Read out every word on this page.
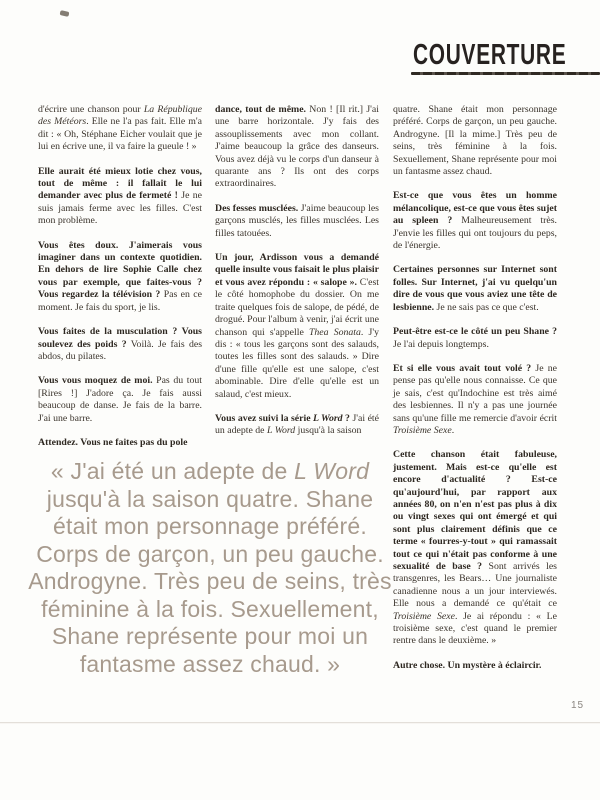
COUVERTURE
d'écrire une chanson pour La République des Météors. Elle ne l'a pas fait. Elle m'a dit : « Oh, Stéphane Eicher voulait que je lui en écrive une, il va faire la gueule ! »
Elle aurait été mieux lotie chez vous, tout de même : il fallait le lui demander avec plus de fermeté ! Je ne suis jamais ferme avec les filles. C'est mon problème.
Vous êtes doux. J'aimerais vous imaginer dans un contexte quotidien. En dehors de lire Sophie Calle chez vous par exemple, que faites-vous ? Vous regardez la télévision ? Pas en ce moment. Je fais du sport, je lis.
Vous faites de la musculation ? Vous soulevez des poids ? Voilà. Je fais des abdos, du pilates.
Vous vous moquez de moi. Pas du tout [Rires !] J'adore ça. Je fais aussi beaucoup de danse. Je fais de la barre. J'ai une barre.
Attendez. Vous ne faites pas du pole
dance, tout de même. Non ! [Il rit.] J'ai une barre horizontale. J'y fais des assouplissements avec mon collant. J'aime beaucoup la grâce des danseurs. Vous avez déjà vu le corps d'un danseur à quarante ans ? Ils ont des corps extraordinaires.
Des fesses musclées. J'aime beaucoup les garçons musclés, les filles musclées. Les filles tatouées.
Un jour, Ardisson vous a demandé quelle insulte vous faisait le plus plaisir et vous avez répondu : « salope ». C'est le côté homophobe du dossier. On me traite quelques fois de salope, de pédé, de drogué. Pour l'album à venir, j'ai écrit une chanson qui s'appelle Thea Sonata. J'y dis : « tous les garçons sont des salauds, toutes les filles sont des salauds. » Dire d'une fille qu'elle est une salope, c'est abominable. Dire d'elle qu'elle est un salaud, c'est mieux.
Vous avez suivi la série L Word ? J'ai été un adepte de L Word jusqu'à la saison
quatre. Shane était mon personnage préféré. Corps de garçon, un peu gauche. Androgyne. [Il la mime.] Très peu de seins, très féminine à la fois. Sexuellement, Shane représente pour moi un fantasme assez chaud.
Est-ce que vous êtes un homme mélancolique, est-ce que vous êtes sujet au spleen ? Malheureusement très. J'envie les filles qui ont toujours du peps, de l'énergie.
Certaines personnes sur Internet sont folles. Sur Internet, j'ai vu quelqu'un dire de vous que vous aviez une tête de lesbienne. Je ne sais pas ce que c'est.
Peut-être est-ce le côté un peu Shane ? Je l'ai depuis longtemps.
Et si elle vous avait tout volé ? Je ne pense pas qu'elle nous connaisse. Ce que je sais, c'est qu'Indochine est très aimé des lesbiennes. Il n'y a pas une journée sans qu'une fille me remercie d'avoir écrit Troisième Sexe.
Cette chanson était fabuleuse, justement. Mais est-ce qu'elle est encore d'actualité ? Est-ce qu'aujourd'hui, par rapport aux années 80, on n'en n'est pas plus à dix ou vingt sexes qui ont émergé et qui sont plus clairement définis que ce terme « fourres-y-tout » qui ramassait tout ce qui n'était pas conforme à une sexualité de base ? Sont arrivés les transgenres, les Bears… Une journaliste canadienne nous a un jour interviewés. Elle nous a demandé ce qu'était ce Troisième Sexe. Je ai répondu : « Le troisième sexe, c'est quand le premier rentre dans le deuxième. »
Autre chose. Un mystère à éclaircir.
« J'ai été un adepte de L Word
jusqu'à la saison quatre. Shane
était mon personnage préféré.
Corps de garçon, un peu gauche.
Androgyne. Très peu de seins, très
féminine à la fois. Sexuellement,
Shane représente pour moi un
fantasme assez chaud. »
15
